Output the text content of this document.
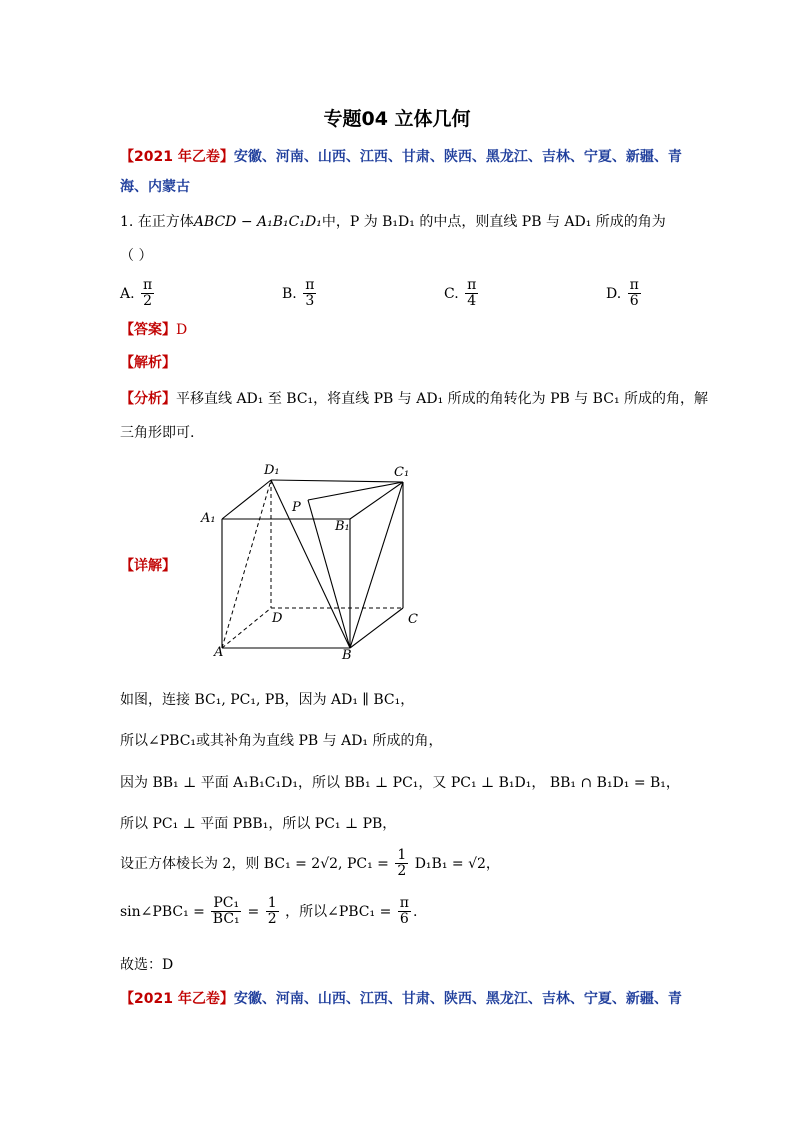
专题04 立体几何
【2021 年乙卷】安徽、河南、山西、江西、甘肃、陕西、黑龙江、吉林、宁夏、新疆、青
海、内蒙古
1. 在正方体ABCD − A₁B₁C₁D₁中，P 为 B₁D₁ 的中点，则直线 PB 与 AD₁ 所成的角为
（ ）
A. $\frac{\pi}{2}$	B. $\frac{\pi}{3}$	C. $\frac{\pi}{4}$	D. $\frac{\pi}{6}$
【答案】D
【解析】
【分析】平移直线 AD₁ 至 BC₁，将直线 PB 与 AD₁ 所成的角转化为 PB 与 BC₁ 所成的角，解
三角形即可.
【详解】
D₁	C₁
A₁
B₁
P
D	C
A	B
如图，连接 BC₁, PC₁, PB，因为 AD₁ ∥ BC₁，
所以∠PBC₁或其补角为直线 PB 与 AD₁ 所成的角，
因为 BB₁ ⊥ 平面 A₁B₁C₁D₁，所以 BB₁ ⊥ PC₁，又 PC₁ ⊥ B₁D₁， BB₁ ∩ B₁D₁ = B₁，
所以 PC₁ ⊥ 平面 PBB₁，所以 PC₁ ⊥ PB，
设正方体棱长为 2，则 BC₁ = 2√2, $PC_1 = \frac{1}{2} D_1B_1 = √2$，
sin∠PBC₁ = $\frac{\text{PC₁}}{\text{BC₁}} = \frac{1}{2}$ ，所以∠PBC₁ = $\frac{\pi}{6}$ .
故选：D
【2021 年乙卷】安徽、河南、山西、江西、甘肃、陕西、黑龙江、吉林、宁夏、新疆、青
